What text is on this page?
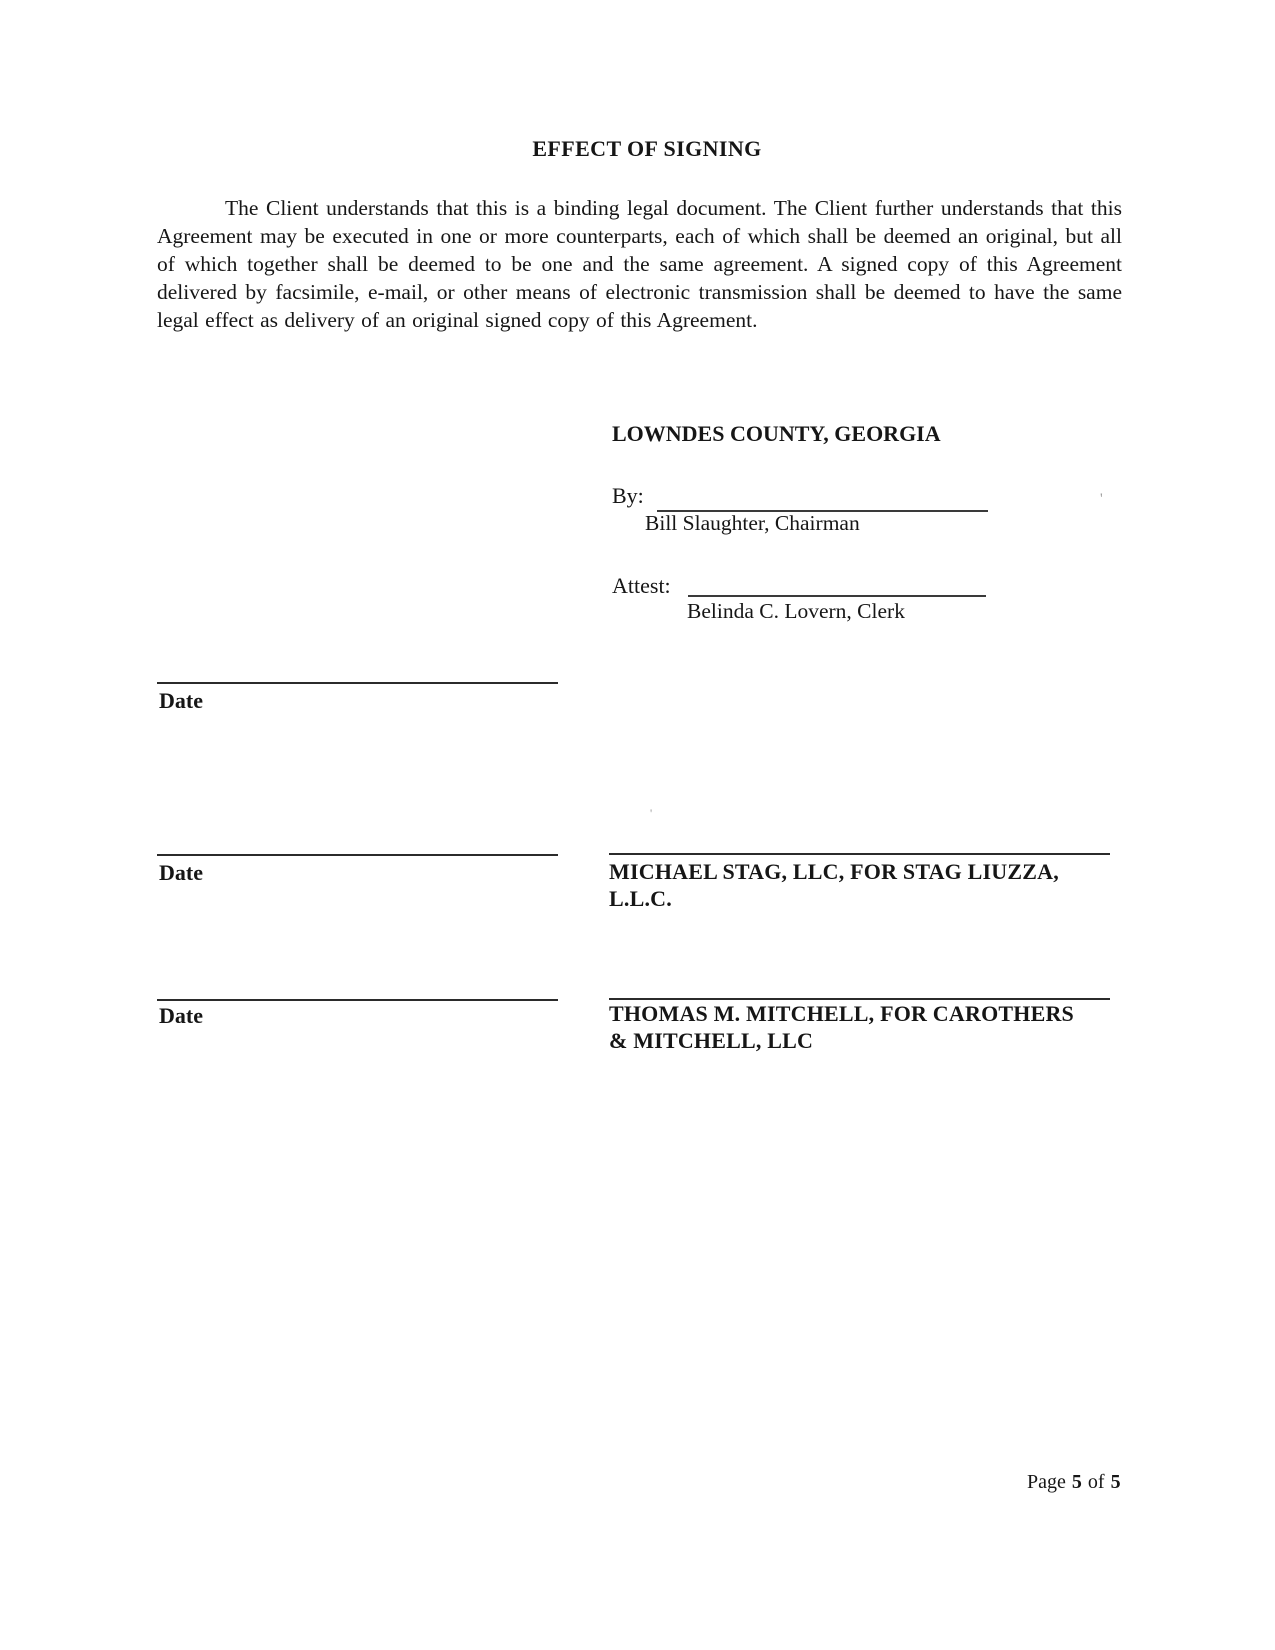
EFFECT OF SIGNING
The Client understands that this is a binding legal document. The Client further understands that this Agreement may be executed in one or more counterparts, each of which shall be deemed an original, but all of which together shall be deemed to be one and the same agreement. A signed copy of this Agreement delivered by facsimile, e-mail, or other means of electronic transmission shall be deemed to have the same legal effect as delivery of an original signed copy of this Agreement.
LOWNDES COUNTY, GEORGIA
By:
Bill Slaughter, Chairman
Attest:
Belinda C. Lovern, Clerk
Date
Date	MICHAEL STAG, LLC, FOR STAG LIUZZA,
L.L.C.
Date	THOMAS M. MITCHELL, FOR CAROTHERS
& MITCHELL, LLC
Page 5 of 5
'
'
